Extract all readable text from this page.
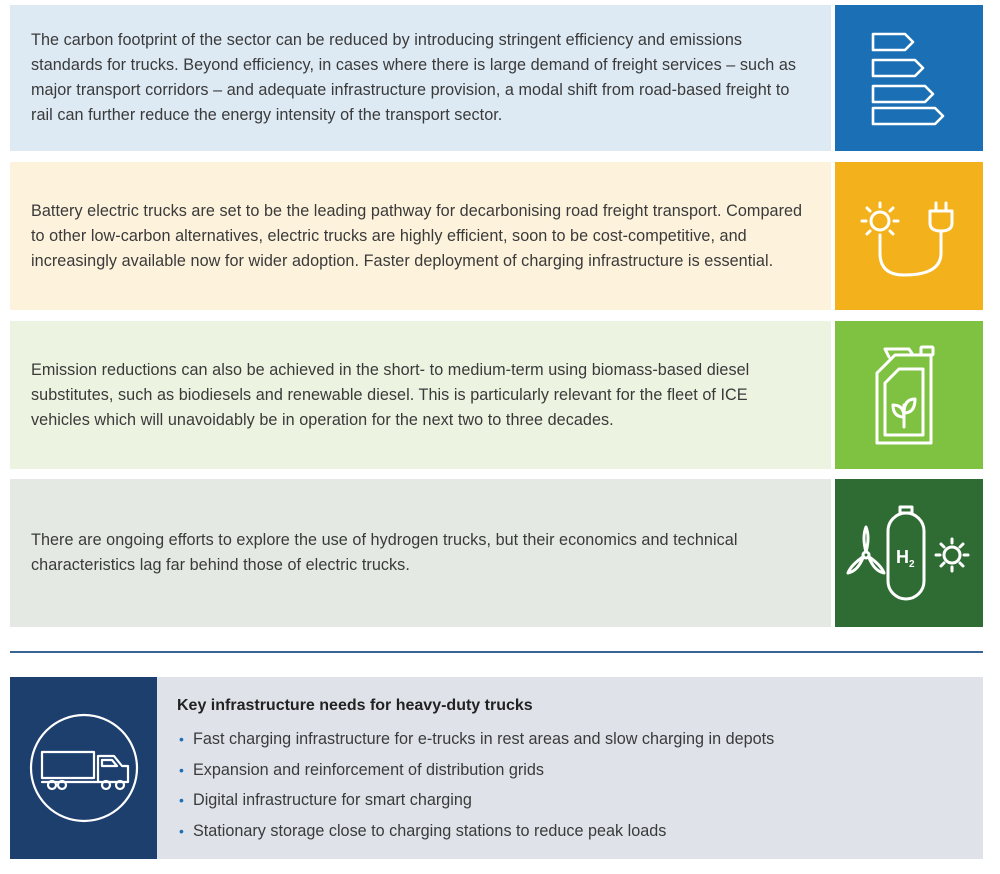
The carbon footprint of the sector can be reduced by introducing stringent efficiency and emissions standards for trucks. Beyond efficiency, in cases where there is large demand of freight services – such as major transport corridors – and adequate infrastructure provision, a modal shift from road-based freight to rail can further reduce the energy intensity of the transport sector.

Battery electric trucks are set to be the leading pathway for decarbonising road freight transport. Compared to other low-carbon alternatives, electric trucks are highly efficient, soon to be cost-competitive, and increasingly available now for wider adoption. Faster deployment of charging infrastructure is essential.

Emission reductions can also be achieved in the short- to medium-term using biomass-based diesel substitutes, such as biodiesels and renewable diesel. This is particularly relevant for the fleet of ICE vehicles which will unavoidably be in operation for the next two to three decades.

There are ongoing efforts to explore the use of hydrogen trucks, but their economics and technical characteristics lag far behind those of electric trucks.	H 2
Key infrastructure needs for heavy-duty trucks
• Fast charging infrastructure for e-trucks in rest areas and slow charging in depots
• Expansion and reinforcement of distribution grids
• Digital infrastructure for smart charging
• Stationary storage close to charging stations to reduce peak loads
